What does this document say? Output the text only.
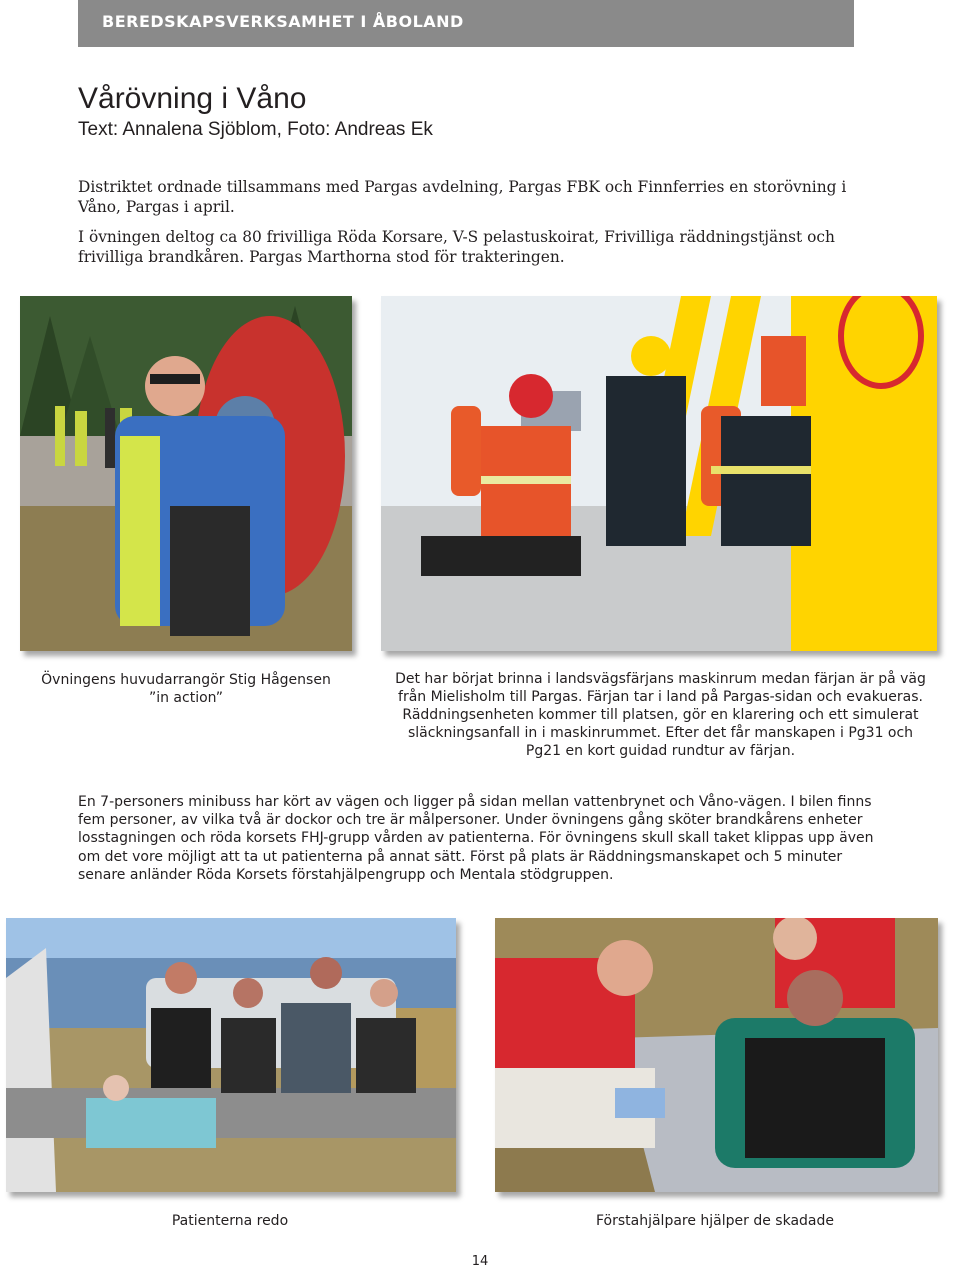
BEREDSKAPSVERKSAMHET I ÅBOLAND
Vårövning i Våno
Text: Annalena Sjöblom, Foto: Andreas Ek
Distriktet ordnade tillsammans med Pargas avdelning, Pargas FBK och Finnferries en storövning i Våno, Pargas i april.
I övningen deltog ca 80 frivilliga Röda Korsare, V-S pelastuskoirat, Frivilliga räddningstjänst och frivilliga brandkåren. Pargas Marthorna stod för trakteringen.
Övningens huvudarrangör Stig Hågensen ”in action”
Det har börjat brinna i landsvägsfärjans maskinrum medan färjan är på väg från Mielisholm till Pargas. Färjan tar i land på Pargas-sidan och evakueras. Räddningsenheten kommer till platsen, gör en klarering och ett simulerat släckningsanfall in i maskinrummet. Efter det får manskapen i Pg31 och Pg21 en kort guidad rundtur av färjan.
En 7-personers minibuss har kört av vägen och ligger på sidan mellan vattenbrynet och Våno-vägen. I bilen finns fem personer, av vilka två är dockor och tre är målpersoner. Under övningens gång sköter brandkårens enheter losstagningen och röda korsets FHJ-grupp vården av patienterna. För övningens skull skall taket klippas upp även om det vore möjligt att ta ut patienterna på annat sätt. Först på plats är Räddningsmanskapet och 5 minuter senare anländer Röda Korsets förstahjälpengrupp och Mentala stödgruppen.
Patienterna redo	Förstahjälpare hjälper de skadade
14
